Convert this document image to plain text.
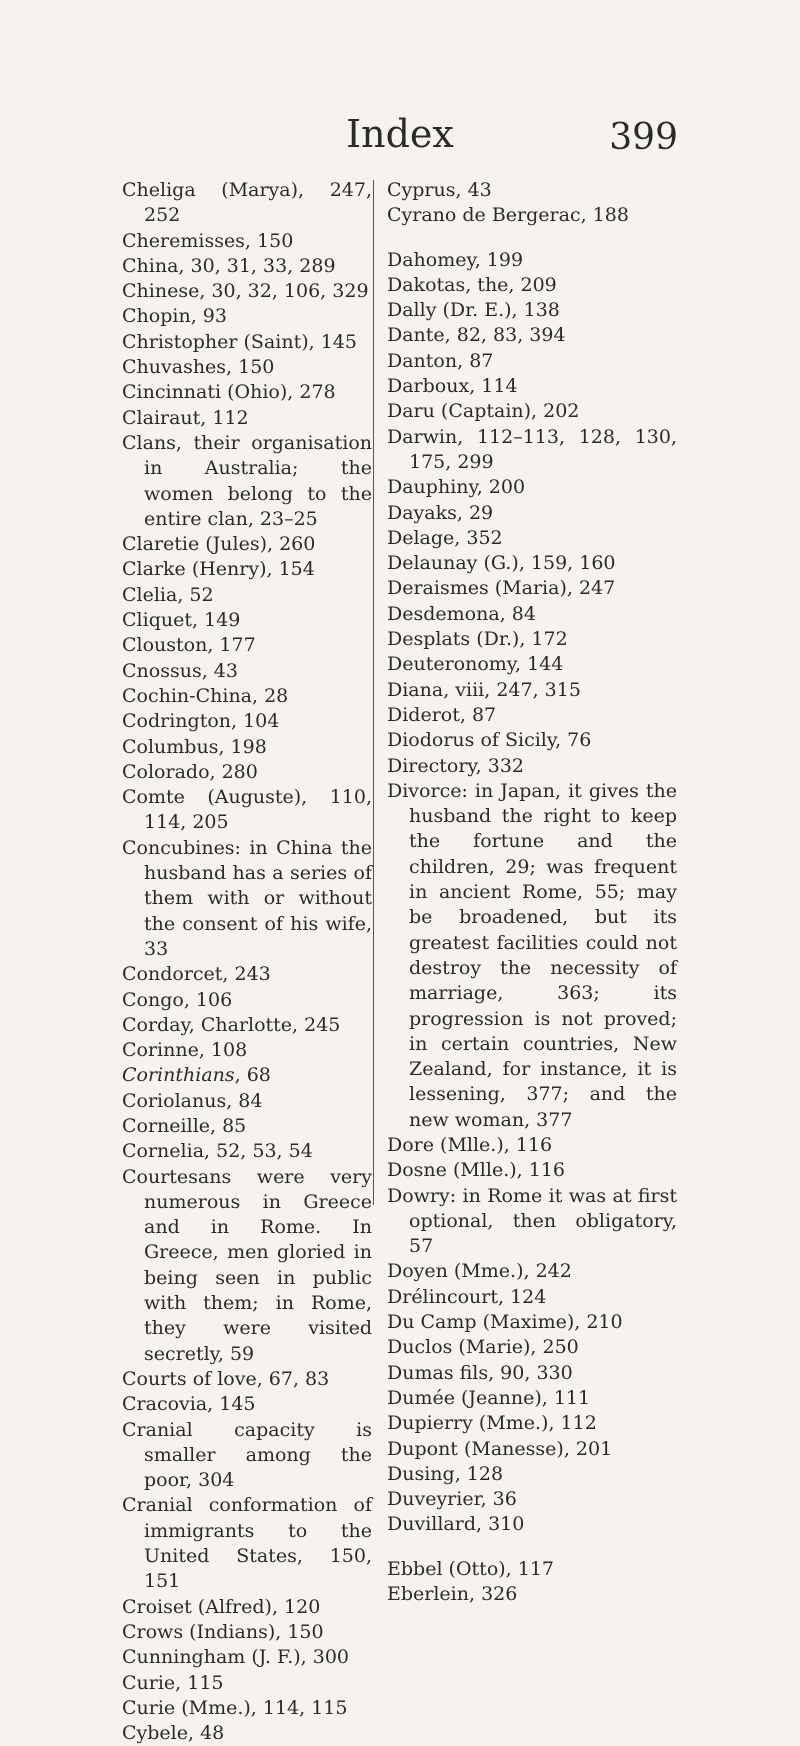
Index	399
Cheliga (Marya), 247, 252
Cheremisses, 150
China, 30, 31, 33, 289
Chinese, 30, 32, 106, 329
Chopin, 93
Christopher (Saint), 145
Chuvashes, 150
Cincinnati (Ohio), 278
Clairaut, 112
Clans, their organisation in Australia; the women belong to the entire clan, 23–25
Claretie (Jules), 260
Clarke (Henry), 154
Clelia, 52
Cliquet, 149
Clouston, 177
Cnossus, 43
Cochin-China, 28
Codrington, 104
Columbus, 198
Colorado, 280
Comte (Auguste), 110, 114, 205
Concubines: in China the husband has a series of them with or without the consent of his wife, 33
Condorcet, 243
Congo, 106
Corday, Charlotte, 245
Corinne, 108
Corinthians, 68
Coriolanus, 84
Corneille, 85
Cornelia, 52, 53, 54
Courtesans were very numerous in Greece and in Rome. In Greece, men gloried in being seen in public with them; in Rome, they were visited secretly, 59
Courts of love, 67, 83
Cracovia, 145
Cranial capacity is smaller among the poor, 304
Cranial conformation of immigrants to the United States, 150, 151
Croiset (Alfred), 120
Crows (Indians), 150
Cunningham (J. F.), 300
Curie, 115
Curie (Mme.), 114, 115
Cybele, 48
Cyprus, 43
Cyrano de Bergerac, 188
Dahomey, 199
Dakotas, the, 209
Dally (Dr. E.), 138
Dante, 82, 83, 394
Danton, 87
Darboux, 114
Daru (Captain), 202
Darwin, 112–113, 128, 130, 175, 299
Dauphiny, 200
Dayaks, 29
Delage, 352
Delaunay (G.), 159, 160
Deraismes (Maria), 247
Desdemona, 84
Desplats (Dr.), 172
Deuteronomy, 144
Diana, viii, 247, 315
Diderot, 87
Diodorus of Sicily, 76
Directory, 332
Divorce: in Japan, it gives the husband the right to keep the fortune and the children, 29; was frequent in ancient Rome, 55; may be broadened, but its greatest facilities could not destroy the necessity of marriage, 363; its progression is not proved; in certain countries, New Zealand, for instance, it is lessening, 377; and the new woman, 377
Dore (Mlle.), 116
Dosne (Mlle.), 116
Dowry: in Rome it was at first optional, then obligatory, 57
Doyen (Mme.), 242
Drélincourt, 124
Du Camp (Maxime), 210
Duclos (Marie), 250
Dumas fils, 90, 330
Dumée (Jeanne), 111
Dupierry (Mme.), 112
Dupont (Manesse), 201
Dusing, 128
Duveyrier, 36
Duvillard, 310
Ebbel (Otto), 117
Eberlein, 326
